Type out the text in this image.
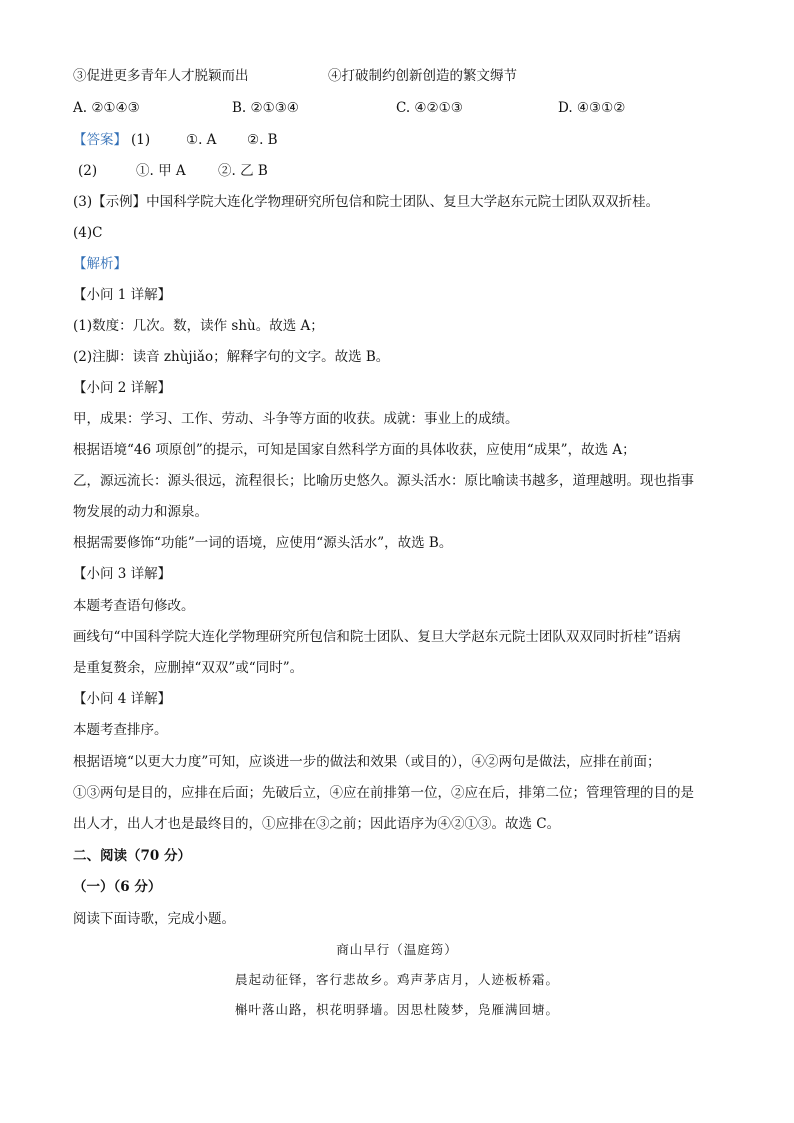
③促进更多青年人才脱颖而出	④打破制约创新创造的繁文缛节
A. ②①④③	B. ②①③④	C. ④②①③	D. ④③①②
【答案】 (1)	①. A ②. B
(2)	①. 甲 A ②. 乙 B
(3)【示例】中国科学院大连化学物理研究所包信和院士团队、复旦大学赵东元院士团队双双折桂。
(4)C
【解析】
【小问 1 详解】
(1)数度：几次。数，读作 shù。故选 A；
(2)注脚：读音 zhùjiǎo；解释字句的文字。故选 B。
【小问 2 详解】
甲，成果：学习、工作、劳动、斗争等方面的收获。成就：事业上的成绩。
根据语境“46 项原创”的提示，可知是国家自然科学方面的具体收获，应使用“成果”，故选 A；
乙，源远流长：源头很远，流程很长；比喻历史悠久。源头活水：原比喻读书越多，道理越明。现也指事
物发展的动力和源泉。
根据需要修饰“功能”一词的语境，应使用“源头活水”，故选 B。
【小问 3 详解】
本题考查语句修改。
画线句“中国科学院大连化学物理研究所包信和院士团队、复旦大学赵东元院士团队双双同时折桂”语病
是重复赘余，应删掉“双双”或“同时”。
【小问 4 详解】
本题考查排序。
根据语境“以更大力度”可知，应谈进一步的做法和效果（或目的），④②两句是做法，应排在前面；
①③两句是目的，应排在后面；先破后立，④应在前排第一位，②应在后，排第二位；管理管理的目的是
出人才，出人才也是最终目的，①应排在③之前；因此语序为④②①③。故选 C。
二、阅读（70 分）
（一）（6 分）
阅读下面诗歌，完成小题。
商山早行（温庭筠）
晨起动征铎，客行悲故乡。鸡声茅店月，人迹板桥霜。
槲叶落山路，枳花明驿墙。因思杜陵梦，凫雁满回塘。
